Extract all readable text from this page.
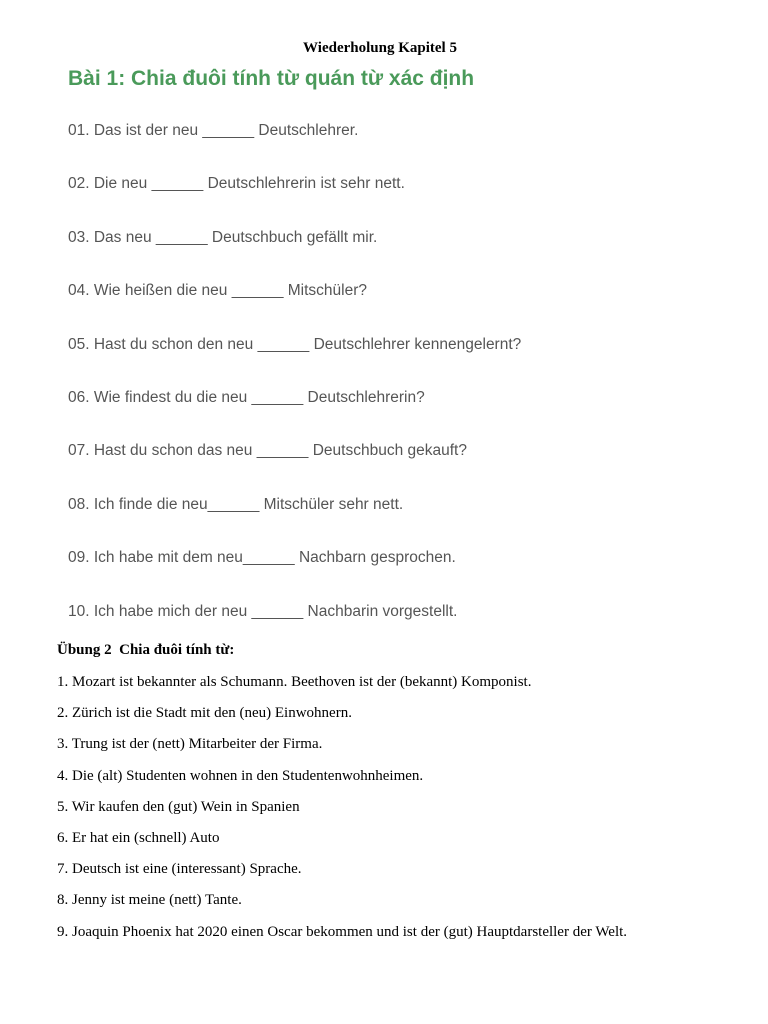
Wiederholung Kapitel 5
Bài 1: Chia đuôi tính từ quán từ xác định
01. Das ist der neu ______ Deutschlehrer.
02. Die neu ______ Deutschlehrerin ist sehr nett.
03. Das neu ______ Deutschbuch gefällt mir.
04. Wie heißen die neu ______ Mitschüler?
05. Hast du schon den neu ______ Deutschlehrer kennengelernt?
06. Wie findest du die neu ______ Deutschlehrerin?
07. Hast du schon das neu ______ Deutschbuch gekauft?
08. Ich finde die neu______ Mitschüler sehr nett.
09. Ich habe mit dem neu______ Nachbarn gesprochen.
10. Ich habe mich der neu ______ Nachbarin vorgestellt.
Übung 2  Chia đuôi tính từ:
1. Mozart ist bekannter als Schumann. Beethoven ist der (bekannt) Komponist.
2. Zürich ist die Stadt mit den (neu) Einwohnern.
3. Trung ist der (nett) Mitarbeiter der Firma.
4. Die (alt) Studenten wohnen in den Studentenwohnheimen.
5. Wir kaufen den (gut) Wein in Spanien
6. Er hat ein (schnell) Auto
7. Deutsch ist eine (interessant) Sprache.
8. Jenny ist meine (nett) Tante.
9. Joaquin Phoenix hat 2020 einen Oscar bekommen und ist der (gut) Hauptdarsteller der Welt.
